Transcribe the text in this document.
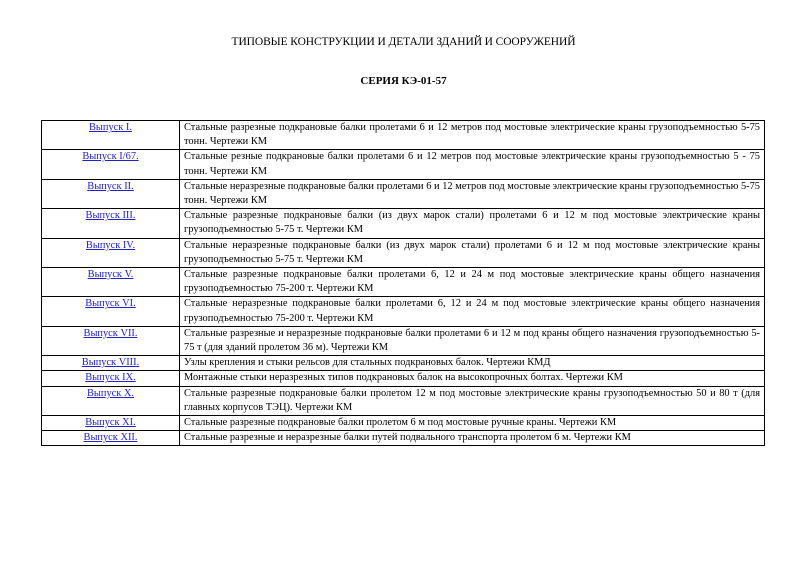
ТИПОВЫЕ КОНСТРУКЦИИ И ДЕТАЛИ ЗДАНИЙ И СООРУЖЕНИЙ
СЕРИЯ КЭ-01-57
Выпуск I.	Стальные разрезные подкрановые балки пролетами 6 и 12 метров под мостовые электрические краны грузоподъемностью 5-75 тонн. Чертежи КМ
Выпуск I/67.	Стальные резные подкрановые балки пролетами 6 и 12 метров под мостовые электрические краны грузоподъемностью 5 - 75 тонн. Чертежи КМ
Выпуск II.	Стальные неразрезные подкрановые балки пролетами 6 и 12 метров под мостовые электрические краны грузоподъемностью 5-75 тонн. Чертежи КМ
Выпуск III.	Стальные разрезные подкрановые балки (из двух марок стали) пролетами 6 и 12 м под мостовые электрические краны грузоподъемностью 5-75 т. Чертежи КМ
Выпуск IV.	Стальные неразрезные подкрановые балки (из двух марок стали) пролетами 6 и 12 м под мостовые электрические краны грузоподъемностью 5-75 т. Чертежи КМ
Выпуск V.	Стальные разрезные подкрановые балки пролетами 6, 12 и 24 м под мостовые электрические краны общего назначения грузоподъемностью 75-200 т. Чертежи КМ
Выпуск VI.	Стальные неразрезные подкрановые балки пролетами 6, 12 и 24 м под мостовые электрические краны общего назначения грузоподъемностью 75-200 т. Чертежи КМ
Выпуск VII.	Стальные разрезные и неразрезные подкрановые балки пролетами 6 и 12 м под краны общего назначения грузоподъемностью 5-75 т (для зданий пролетом 36 м). Чертежи КМ
Выпуск VIII.	Узлы крепления и стыки рельсов для стальных подкрановых балок. Чертежи КМД
Выпуск IX.	Монтажные стыки неразрезных типов подкрановых балок на высокопрочных болтах. Чертежи КМ
Выпуск X.	Стальные разрезные подкрановые балки пролетом 12 м под мостовые электрические краны грузоподъемностью 50 и 80 т (для главных корпусов ТЭЦ). Чертежи КМ
Выпуск XI.	Стальные разрезные подкрановые балки пролетом 6 м под мостовые ручные краны. Чертежи КМ
Выпуск XII.	Стальные разрезные и неразрезные балки путей подвального транспорта пролетом 6 м. Чертежи КМ
